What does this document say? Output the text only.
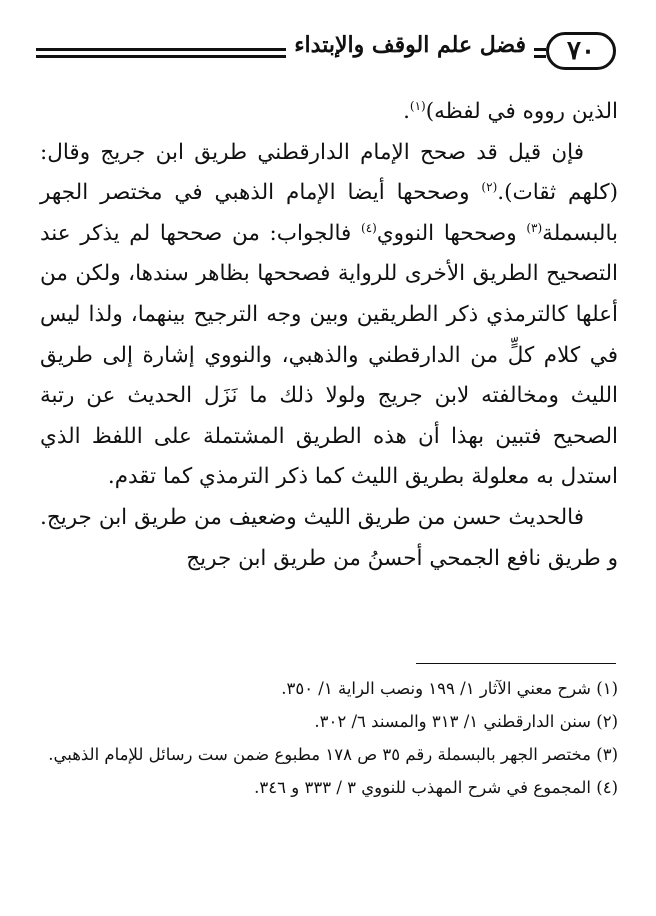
فضل علم الوقف والإبتداء	٧٠

الذين رووه في لفظه)$^{(١)}$.

فإن قيل قد صحح الإمام الدارقطني طريق ابن جريج وقال: (كلهم ثقات).$^{(٢)}$ وصححها أيضا الإمام الذهبي في مختصر الجهر بالبسملة$^{(٣)}$ وصححها النووي$^{(٤)}$ فالجواب: من صححها لم يذكر عند التصحيح الطريق الأخرى للرواية فصححها بظاهر سندها، ولكن من أعلها كالترمذي ذكر الطريقين وبين وجه الترجيح بينهما، ولذا ليس في كلام كلٍّ من الدارقطني والذهبي، والنووي إشارة إلى طريق الليث ومخالفته لابن جريج ولولا ذلك ما نَزَل الحديث عن رتبة الصحيح فتبين بهذا أن هذه الطريق المشتملة على اللفظ الذي استدل به معلولة بطريق الليث كما ذكر الترمذي كما تقدم.

فالحديث حسن من طريق الليث وضعيف من طريق ابن جريج. و طريق نافع الجمحي أحسنُ من طريق ابن جريج

(١) شرح معني الآثار ١/ ١٩٩ ونصب الراية ١/ ٣٥٠.

(٢) سنن الدارقطني ١/ ٣١٣ والمسند ٦/ ٣٠٢.

(٣) مختصر الجهر بالبسملة رقم ٣٥ ص ١٧٨ مطبوع ضمن ست رسائل للإمام الذهبي.

(٤) المجموع في شرح المهذب للنووي ٣ / ٣٣٣ و ٣٤٦.
